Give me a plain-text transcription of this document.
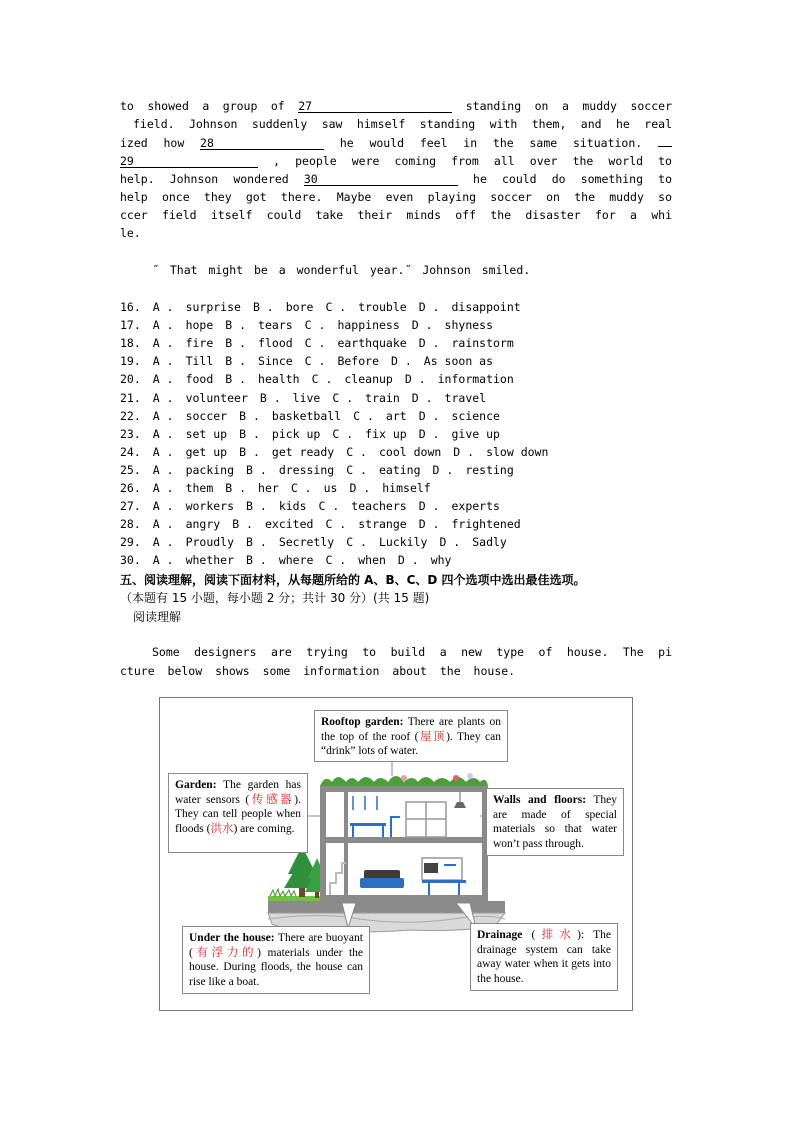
to showed a group of 27	standing on a muddy soccer
field. Johnson suddenly saw himself standing with them, and he real
ized how 28	he would feel in the same situation.
29	, people were coming from all over the world to
help. Johnson wondered 30	he could do something to
help once they got there. Maybe even playing soccer on the muddy so
ccer field itself could take their minds off the disaster for a whi
le.
˝ That might be a wonderful year.˝ Johnson smiled.
16. A . surprise B . bore C . trouble D . disappoint
17. A . hope B . tears C . happiness D . shyness
18. A . fire B . flood C . earthquake D . rainstorm
19. A . Till B . Since C . Before D . As soon as
20. A . food B . health C . cleanup D . information
21. A . volunteer B . live C . train D . travel
22. A . soccer B . basketball C . art D . science
23. A . set up B . pick up C . fix up D . give up
24. A . get up B . get ready C . cool down D . slow down
25. A . packing B . dressing C . eating D . resting
26. A . them B . her C . us D . himself
27. A . workers B . kids C . teachers D . experts
28. A . angry B . excited C . strange D . frightened
29. A . Proudly B . Secretly C . Luckily D . Sadly
30. A . whether B . where C . when D . why
五、阅读理解，阅读下面材料，从每题所给的 A、B、C、D 四个选项中选出最佳选项。
（本题有 15 小题，每小题 2 分；共计 30 分）(共 15 题)
阅读理解
Some designers are trying to build a new type of house. The pi
cture below shows some information about the house.
Rooftop garden: There are plants on the top of the roof (屋顶). They can “drink” lots of water.
Garden: The garden has water sensors (传感器). They can tell people when floods (洪水) are coming.
Walls and floors: They are made of special materials so that water won’t pass through.
Under the house: There are buoyant (有浮力的) materials under the house. During floods, the house can rise like a boat.
Drainage (排水): The drainage system can take away water when it gets into the house.
